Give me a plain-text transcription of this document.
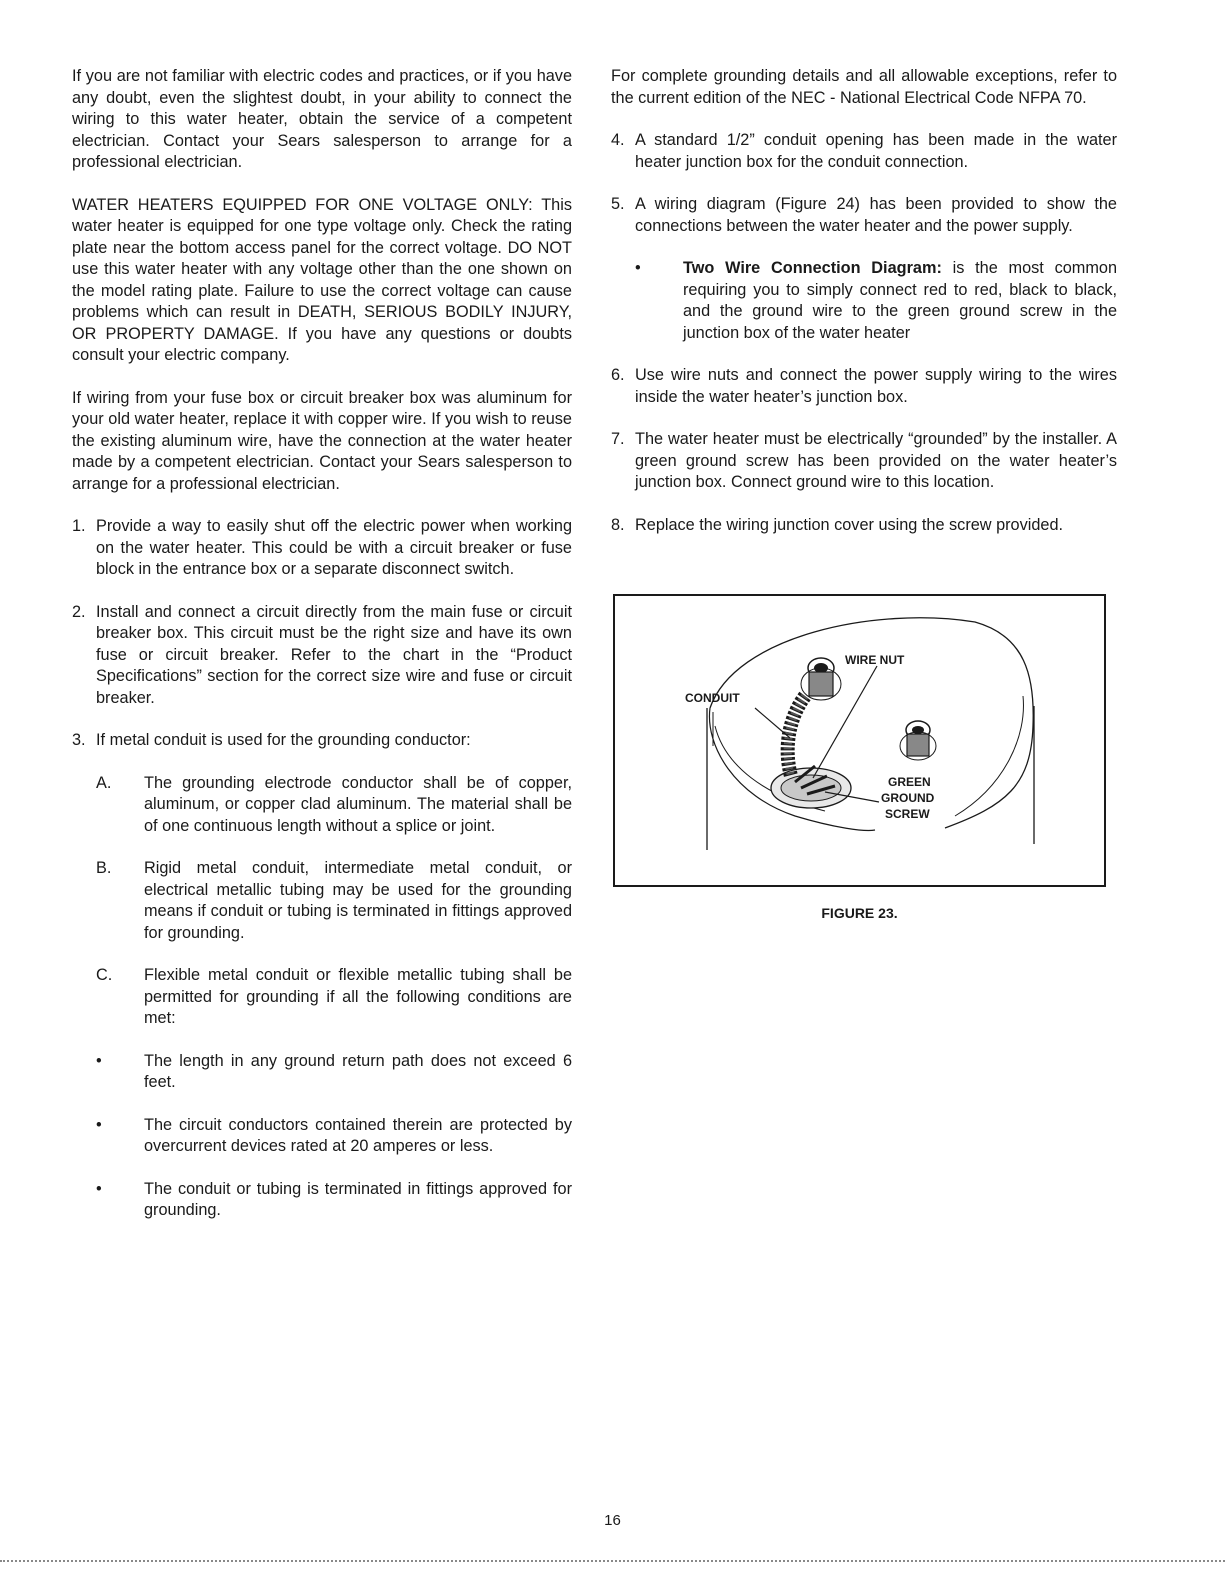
If you are not familiar with electric codes and practices, or if you have any doubt, even the slightest doubt, in your ability to connect the wiring to this water heater, obtain the service of a competent electrician. Contact your Sears salesperson to arrange for a professional electrician.

WATER HEATERS EQUIPPED FOR ONE VOLTAGE ONLY: This water heater is equipped for one type voltage only. Check the rating plate near the bottom access panel for the correct voltage. DO NOT use this water heater with any voltage other than the one shown on the model rating plate. Failure to use the correct voltage can cause problems which can result in DEATH, SERIOUS BODILY INJURY, OR PROPERTY DAMAGE. If you have any questions or doubts consult your electric company.

If wiring from your fuse box or circuit breaker box was aluminum for your old water heater, replace it with copper wire. If you wish to reuse the existing aluminum wire, have the connection at the water heater made by a competent electrician. Contact your Sears salesperson to arrange for a professional electrician.

1. Provide a way to easily shut off the electric power when working on the water heater. This could be with a circuit breaker or fuse block in the entrance box or a separate disconnect switch.
2. Install and connect a circuit directly from the main fuse or circuit breaker box. This circuit must be the right size and have its own fuse or circuit breaker. Refer to the chart in the “Product Specifications” section for the correct size wire and fuse or circuit breaker.
3. If metal conduit is used for the grounding conductor:
A.	The grounding electrode conductor shall be of copper, aluminum, or copper clad aluminum. The material shall be of one continuous length without a splice or joint.
B.	Rigid metal conduit, intermediate metal conduit, or electrical metallic tubing may be used for the grounding means if conduit or tubing is terminated in fittings approved for grounding.
C.	Flexible metal conduit or flexible metallic tubing shall be permitted for grounding if all the following conditions are met:
•	The length in any ground return path does not exceed 6 feet.
•	The circuit conductors contained therein are protected by overcurrent devices rated at 20 amperes or less.
•	The conduit or tubing is terminated in fittings approved for grounding.

For complete grounding details and all allowable exceptions, refer to the current edition of the NEC - National Electrical Code NFPA 70.

4. A standard 1/2” conduit opening has been made in the water heater junction box for the conduit connection.
5. A wiring diagram (Figure 24) has been provided to show the connections between the water heater and the power supply.
•	Two Wire Connection Diagram: is the most common requiring you to simply connect red to red, black to black, and the ground wire to the green ground screw in the junction box of the water heater
6. Use wire nuts and connect the power supply wiring to the wires inside the water heater’s junction box.
7. The water heater must be electrically “grounded” by the installer. A green ground screw has been provided on the water heater’s junction box. Connect ground wire to this location.
8. Replace the wiring junction cover using the screw provided.
WIRE NUT
CONDUIT
GREEN
GROUND
SCREW
FIGURE 23.
16
